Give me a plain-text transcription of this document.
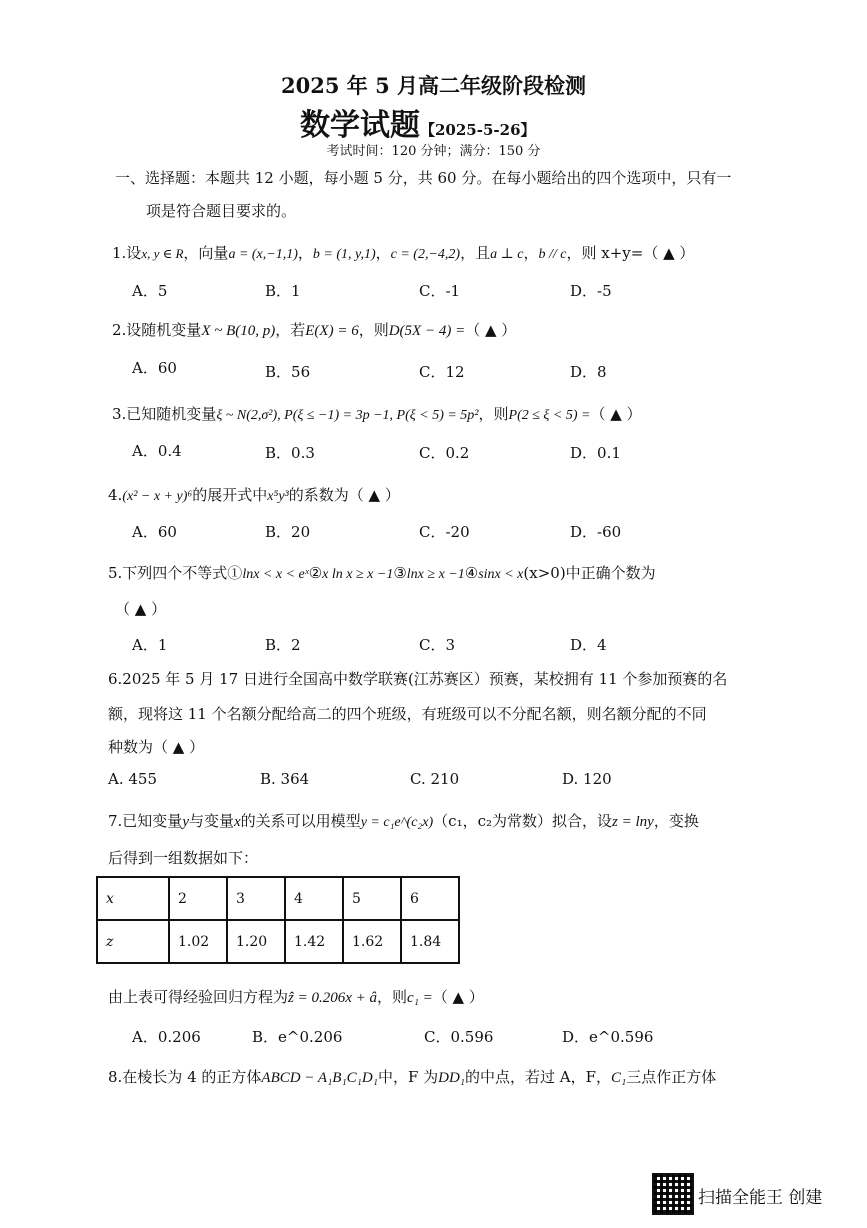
2025 年 5 月高二年级阶段检测
数学试题【2025-5-26】
考试时间：120 分钟；满分：150 分
一、选择题：本题共 12 小题，每小题 5 分，共 60 分。在每小题给出的四个选项中，只有一
项是符合题目要求的。
1.设x, y ∈ R，向量a = (x,−1,1)，b = (1, y,1)，c = (2,−4,2)，且a ⊥ c，b // c，则 x+y=（ ▲ ）
A．5	B．1	C．-1	D．-5
2.设随机变量X ~ B(10, p)，若E(X) = 6，则D(5X − 4) =（ ▲ ）
A．60	B．56	C．12	D．8
3.已知随机变量ξ ~ N(2,σ²), P(ξ ≤ −1) = 3p −1, P(ξ < 5) = 5p²，则P(2 ≤ ξ < 5) =（ ▲ ）
A．0.4	B．0.3	C．0.2	D．0.1
4.(x² − x + y)⁶的展开式中x⁵y³的系数为（ ▲ ）
A．60	B．20	C．-20	D．-60
5.下列四个不等式①lnx < x < eˣ②x ln x ≥ x −1③lnx ≥ x −1④sinx < x(x>0)中正确个数为
（ ▲ ）
A．1	B．2	C．3	D．4
6.2025 年 5 月 17 日进行全国高中数学联赛(江苏赛区）预赛，某校拥有 11 个参加预赛的名
额，现将这 11 个名额分配给高二的四个班级，有班级可以不分配名额，则名额分配的不同
种数为（ ▲ ）
A. 455	B. 364	C. 210	D. 120
7.已知变量y与变量x的关系可以用模型y = c₁e^(c₂x)（c₁，c₂为常数）拟合，设z = lny，变换
后得到一组数据如下：
x	2	3	4	5	6
z	1.02	1.20	1.42	1.62	1.84
由上表可得经验回归方程为ẑ = 0.206x + â，则c₁ =（ ▲ ）
A．0.206	B．e^0.206	C．0.596	D．e^0.596
8.在棱长为 4 的正方体ABCD − A₁B₁C₁D₁中，F 为DD₁的中点，若过 A，F，C₁三点作正方体
扫描全能王 创建
